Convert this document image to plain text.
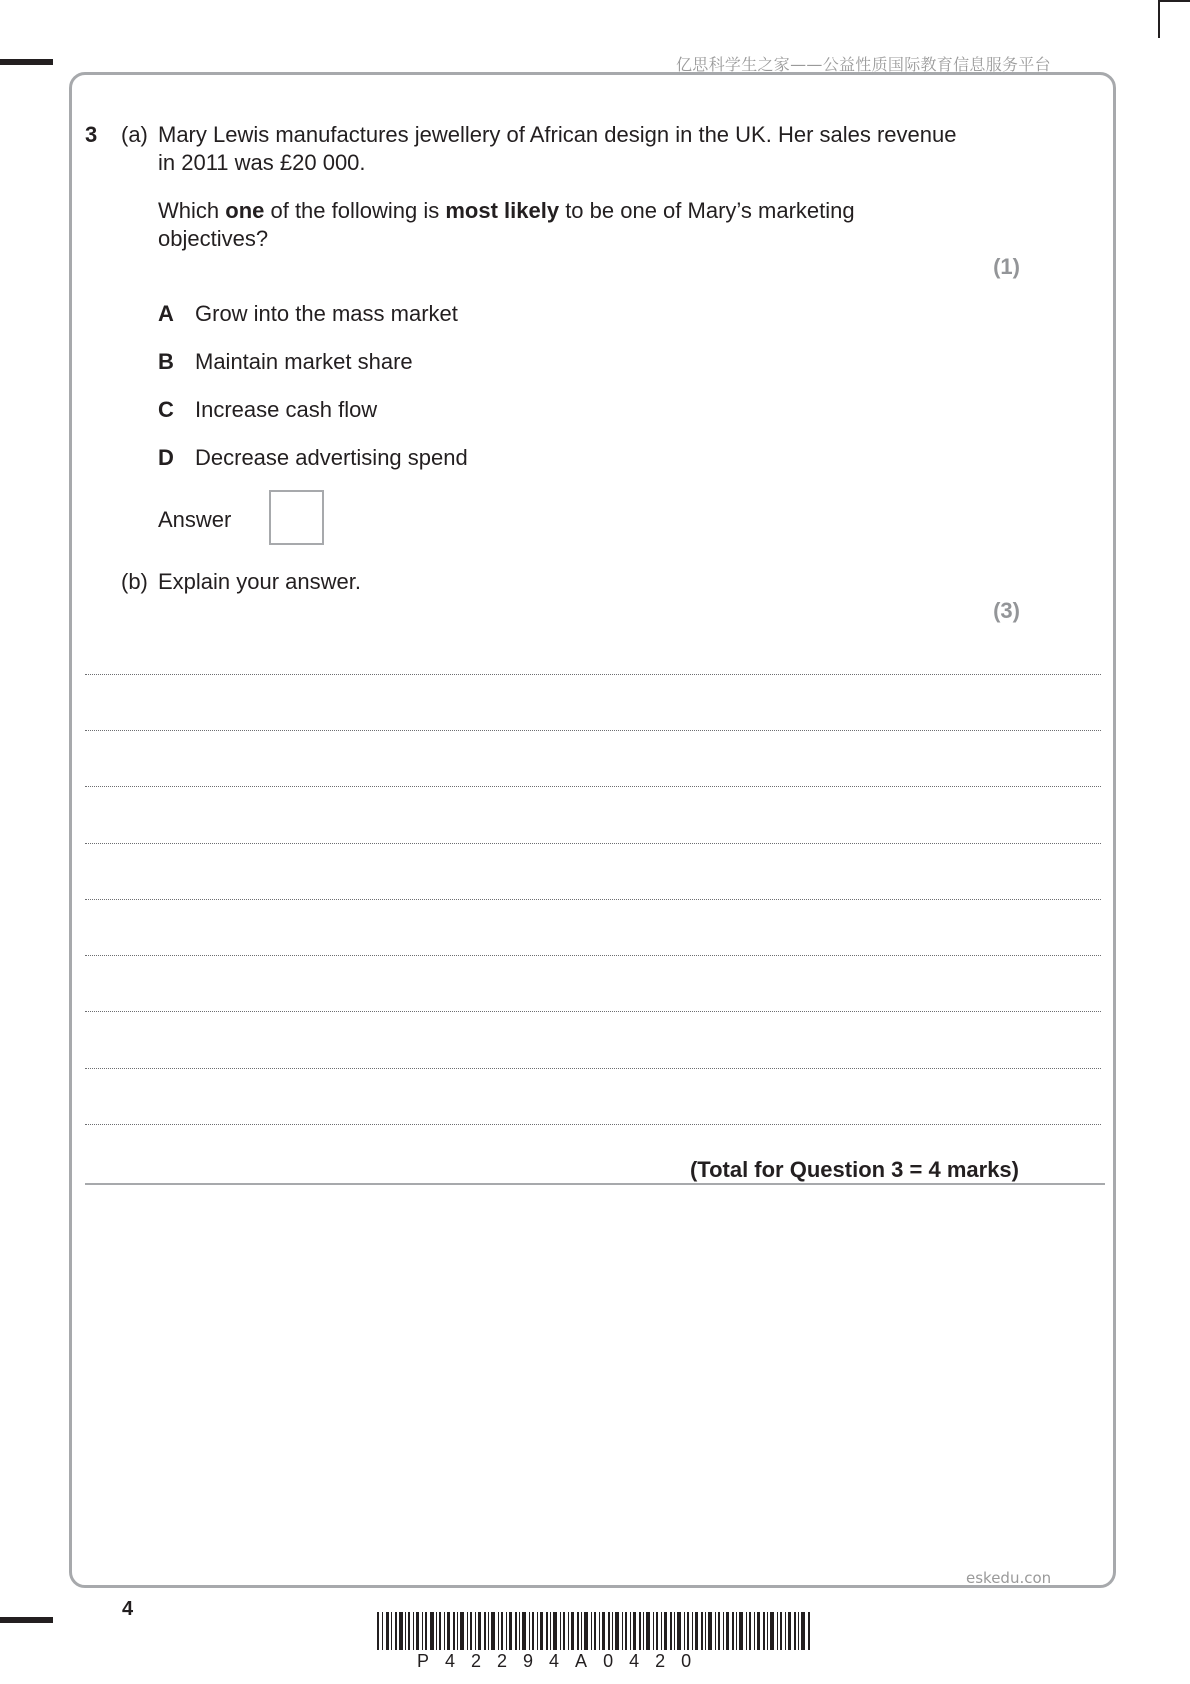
亿思科学生之家——公益性质国际教育信息服务平台
3 (a) Mary Lewis manufactures jewellery of African design in the UK. Her sales revenue
in 2011 was £20 000.
Which one of the following is most likely to be one of Mary’s marketing
objectives?
(1)
A Grow into the mass market
B Maintain market share
C Increase cash flow
D Decrease advertising spend
Answer
(b) Explain your answer.
(3)
(Total for Question 3 = 4 marks)
eskedu.con
4
P42294A0420
